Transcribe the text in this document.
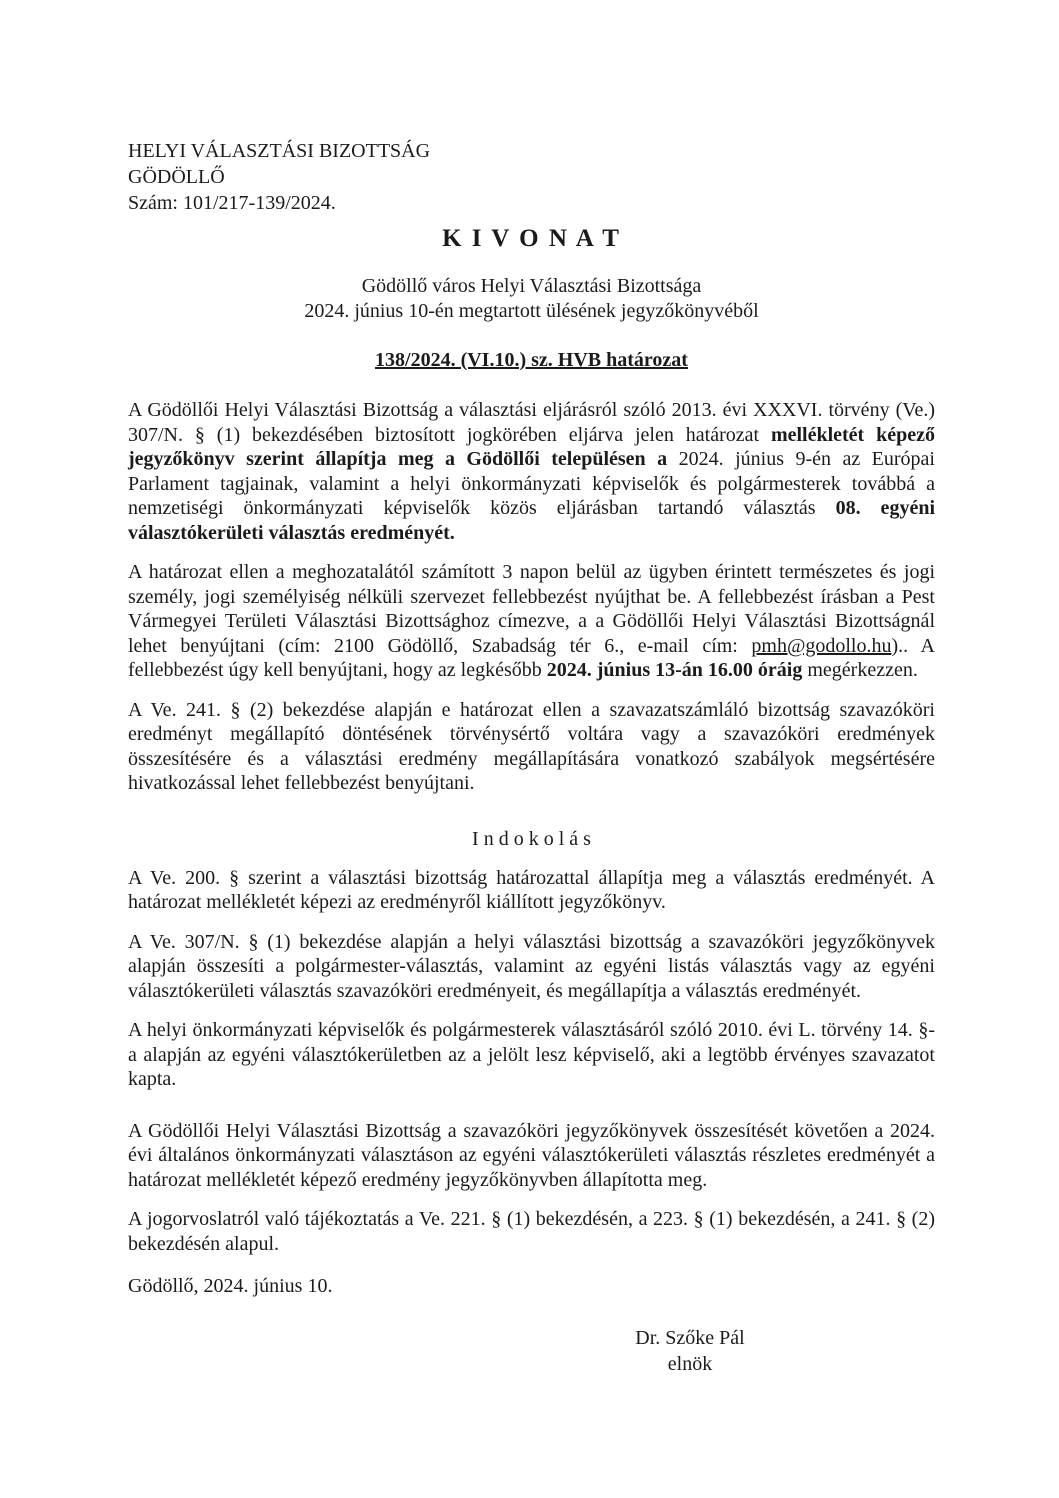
HELYI VÁLASZTÁSI BIZOTTSÁG
GÖDÖLLŐ
Szám: 101/217-139/2024.
K I V O N A T
Gödöllő város Helyi Választási Bizottsága
2024. június 10-én megtartott ülésének jegyzőkönyvéből
138/2024. (VI.10.) sz. HVB határozat

A Gödöllői Helyi Választási Bizottság a választási eljárásról szóló 2013. évi XXXVI. törvény (Ve.) 307/N. § (1) bekezdésében biztosított jogkörében eljárva jelen határozat mellékletét képező jegyzőkönyv szerint állapítja meg a Gödöllői településen a 2024. június 9-én az Európai Parlament tagjainak, valamint a helyi önkormányzati képviselők és polgármesterek továbbá a nemzetiségi önkormányzati képviselők közös eljárásban tartandó választás 08. egyéni választókerületi választás eredményét.

A határozat ellen a meghozatalától számított 3 napon belül az ügyben érintett természetes és jogi személy, jogi személyiség nélküli szervezet fellebbezést nyújthat be. A fellebbezést írásban a Pest Vármegyei Területi Választási Bizottsághoz címezve, a a Gödöllői Helyi Választási Bizottságnál lehet benyújtani (cím: 2100 Gödöllő, Szabadság tér 6., e-mail cím: pmh@godollo.hu).. A fellebbezést úgy kell benyújtani, hogy az legkésőbb 2024. június 13-án 16.00 óráig megérkezzen.

A Ve. 241. § (2) bekezdése alapján e határozat ellen a szavazatszámláló bizottság szavazóköri eredményt megállapító döntésének törvénysértő voltára vagy a szavazóköri eredmények összesítésére és a választási eredmény megállapítására vonatkozó szabályok megsértésére hivatkozással lehet fellebbezést benyújtani.

I n d o k o l á s

A Ve. 200. § szerint a választási bizottság határozattal állapítja meg a választás eredményét. A határozat mellékletét képezi az eredményről kiállított jegyzőkönyv.

A Ve. 307/N. § (1) bekezdése alapján a helyi választási bizottság a szavazóköri jegyzőkönyvek alapján összesíti a polgármester-választás, valamint az egyéni listás választás vagy az egyéni választókerületi választás szavazóköri eredményeit, és megállapítja a választás eredményét.

A helyi önkormányzati képviselők és polgármesterek választásáról szóló 2010. évi L. törvény 14. §-a alapján az egyéni választókerületben az a jelölt lesz képviselő, aki a legtöbb érvényes szavazatot kapta.

A Gödöllői Helyi Választási Bizottság a szavazóköri jegyzőkönyvek összesítését követően a 2024. évi általános önkormányzati választáson az egyéni választókerületi választás részletes eredményét a határozat mellékletét képező eredmény jegyzőkönyvben állapította meg.

A jogorvoslatról való tájékoztatás a Ve. 221. § (1) bekezdésén, a 223. § (1) bekezdésén, a 241. § (2) bekezdésén alapul.

Gödöllő, 2024. június 10.

Dr. Szőke Pál
elnök
